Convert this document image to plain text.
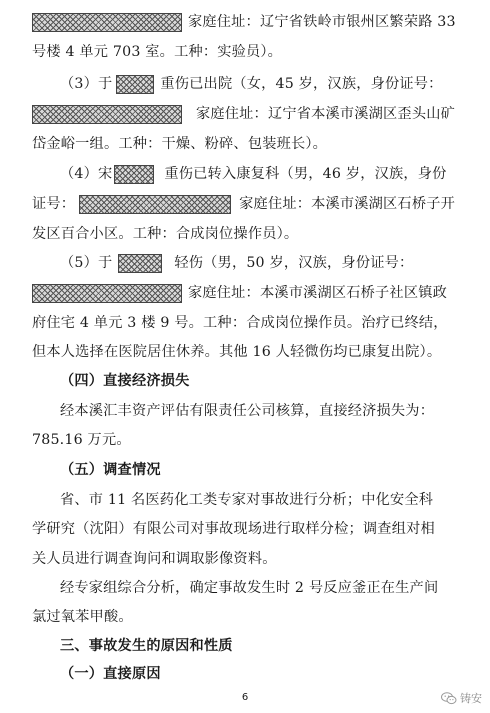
家庭住址：辽宁省铁岭市银州区繁荣路 33
号楼 4 单元 703 室。工种：实验员）。
（3）于	重伤已出院（女，45 岁，汉族，身份证号：
家庭住址：辽宁省本溪市溪湖区歪头山矿
岱金峪一组。工种：干燥、粉碎、包装班长）。
（4）宋	重伤已转入康复科（男，46 岁，汉族，身份
证号：	家庭住址：本溪市溪湖区石桥子开
发区百合小区。工种：合成岗位操作员）。
（5）于	轻伤（男，50 岁，汉族，身份证号：
家庭住址：本溪市溪湖区石桥子社区镇政
府住宅 4 单元 3 楼 9 号。工种：合成岗位操作员。治疗已终结，
但本人选择在医院居住休养。其他 16 人轻微伤均已康复出院）。
（四）直接经济损失
经本溪汇丰资产评估有限责任公司核算，直接经济损失为：
785.16 万元。
（五）调查情况
省、市 11 名医药化工类专家对事故进行分析；中化安全科
学研究（沈阳）有限公司对事故现场进行取样分检；调查组对相
关人员进行调查询问和调取影像资料。
经专家组综合分析，确定事故发生时 2 号反应釜正在生产间
氯过氧苯甲酸。
三、事故发生的原因和性质
（一）直接原因
6	铸安
